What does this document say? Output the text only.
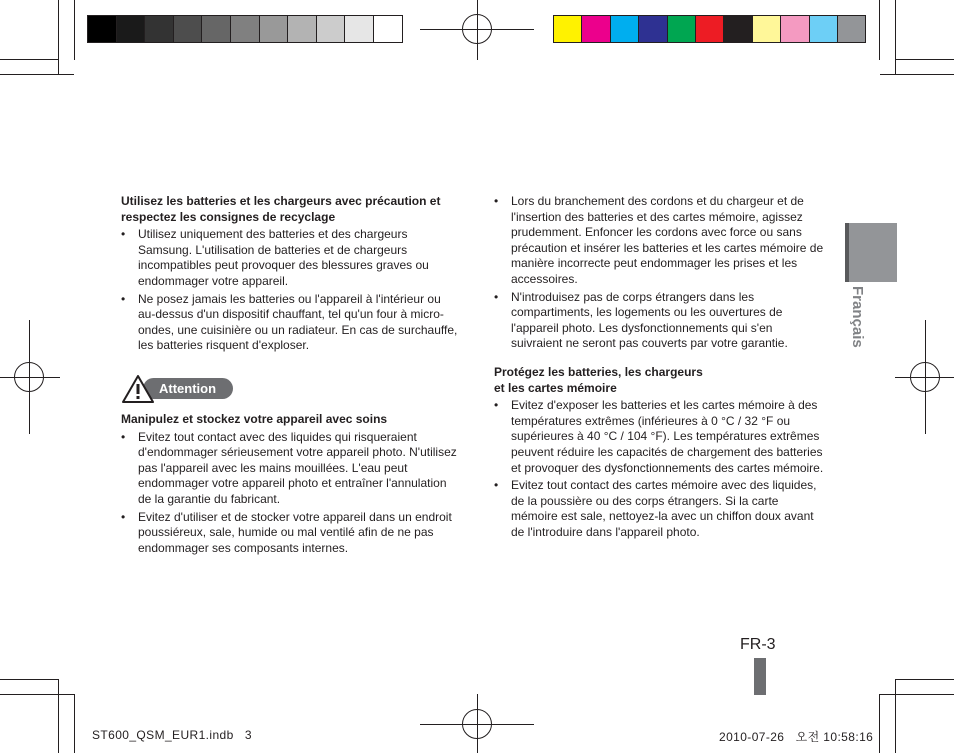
Utilisez les batteries et les chargeurs avec précaution et respectez les consignes de recyclage

• Utilisez uniquement des batteries et des chargeurs Samsung. L'utilisation de batteries et de chargeurs incompatibles peut provoquer des blessures graves ou endommager votre appareil.
• Ne posez jamais les batteries ou l'appareil à l'intérieur ou au-dessus d'un dispositif chauffant, tel qu'un four à micro-ondes, une cuisinière ou un radiateur. En cas de surchauffe, les batteries risquent d'exploser.
Attention

Manipulez et stockez votre appareil avec soins

• Evitez tout contact avec des liquides qui risqueraient d'endommager sérieusement votre appareil photo. N'utilisez pas l'appareil avec les mains mouillées. L'eau peut endommager votre appareil photo et entraîner l'annulation de la garantie du fabricant.
• Evitez d'utiliser et de stocker votre appareil dans un endroit poussiéreux, sale, humide ou mal ventilé afin de ne pas endommager ses composants internes.
• Lors du branchement des cordons et du chargeur et de l'insertion des batteries et des cartes mémoire, agissez prudemment. Enfoncer les cordons avec force ou sans précaution et insérer les batteries et les cartes mémoire de manière incorrecte peut endommager les prises et les accessoires.
• N'introduisez pas de corps étrangers dans les compartiments, les logements ou les ouvertures de l'appareil photo. Les dysfonctionnements qui s'en suivraient ne seront pas couverts par votre garantie.

Protégez les batteries, les chargeurs
et les cartes mémoire

• Evitez d'exposer les batteries et les cartes mémoire à des températures extrêmes (inférieures à 0 °C / 32 °F ou supérieures à 40 °C / 104 °F). Les températures extrêmes peuvent réduire les capacités de chargement des batteries et provoquer des dysfonctionnements des cartes mémoire.
• Evitez tout contact des cartes mémoire avec des liquides, de la poussière ou des corps étrangers. Si la carte mémoire est sale, nettoyez-la avec un chiffon doux avant de l'introduire dans l'appareil photo.
Français
FR-3
ST600_QSM_EUR1.indb   3	2010-07-26   오전 10:58:16
